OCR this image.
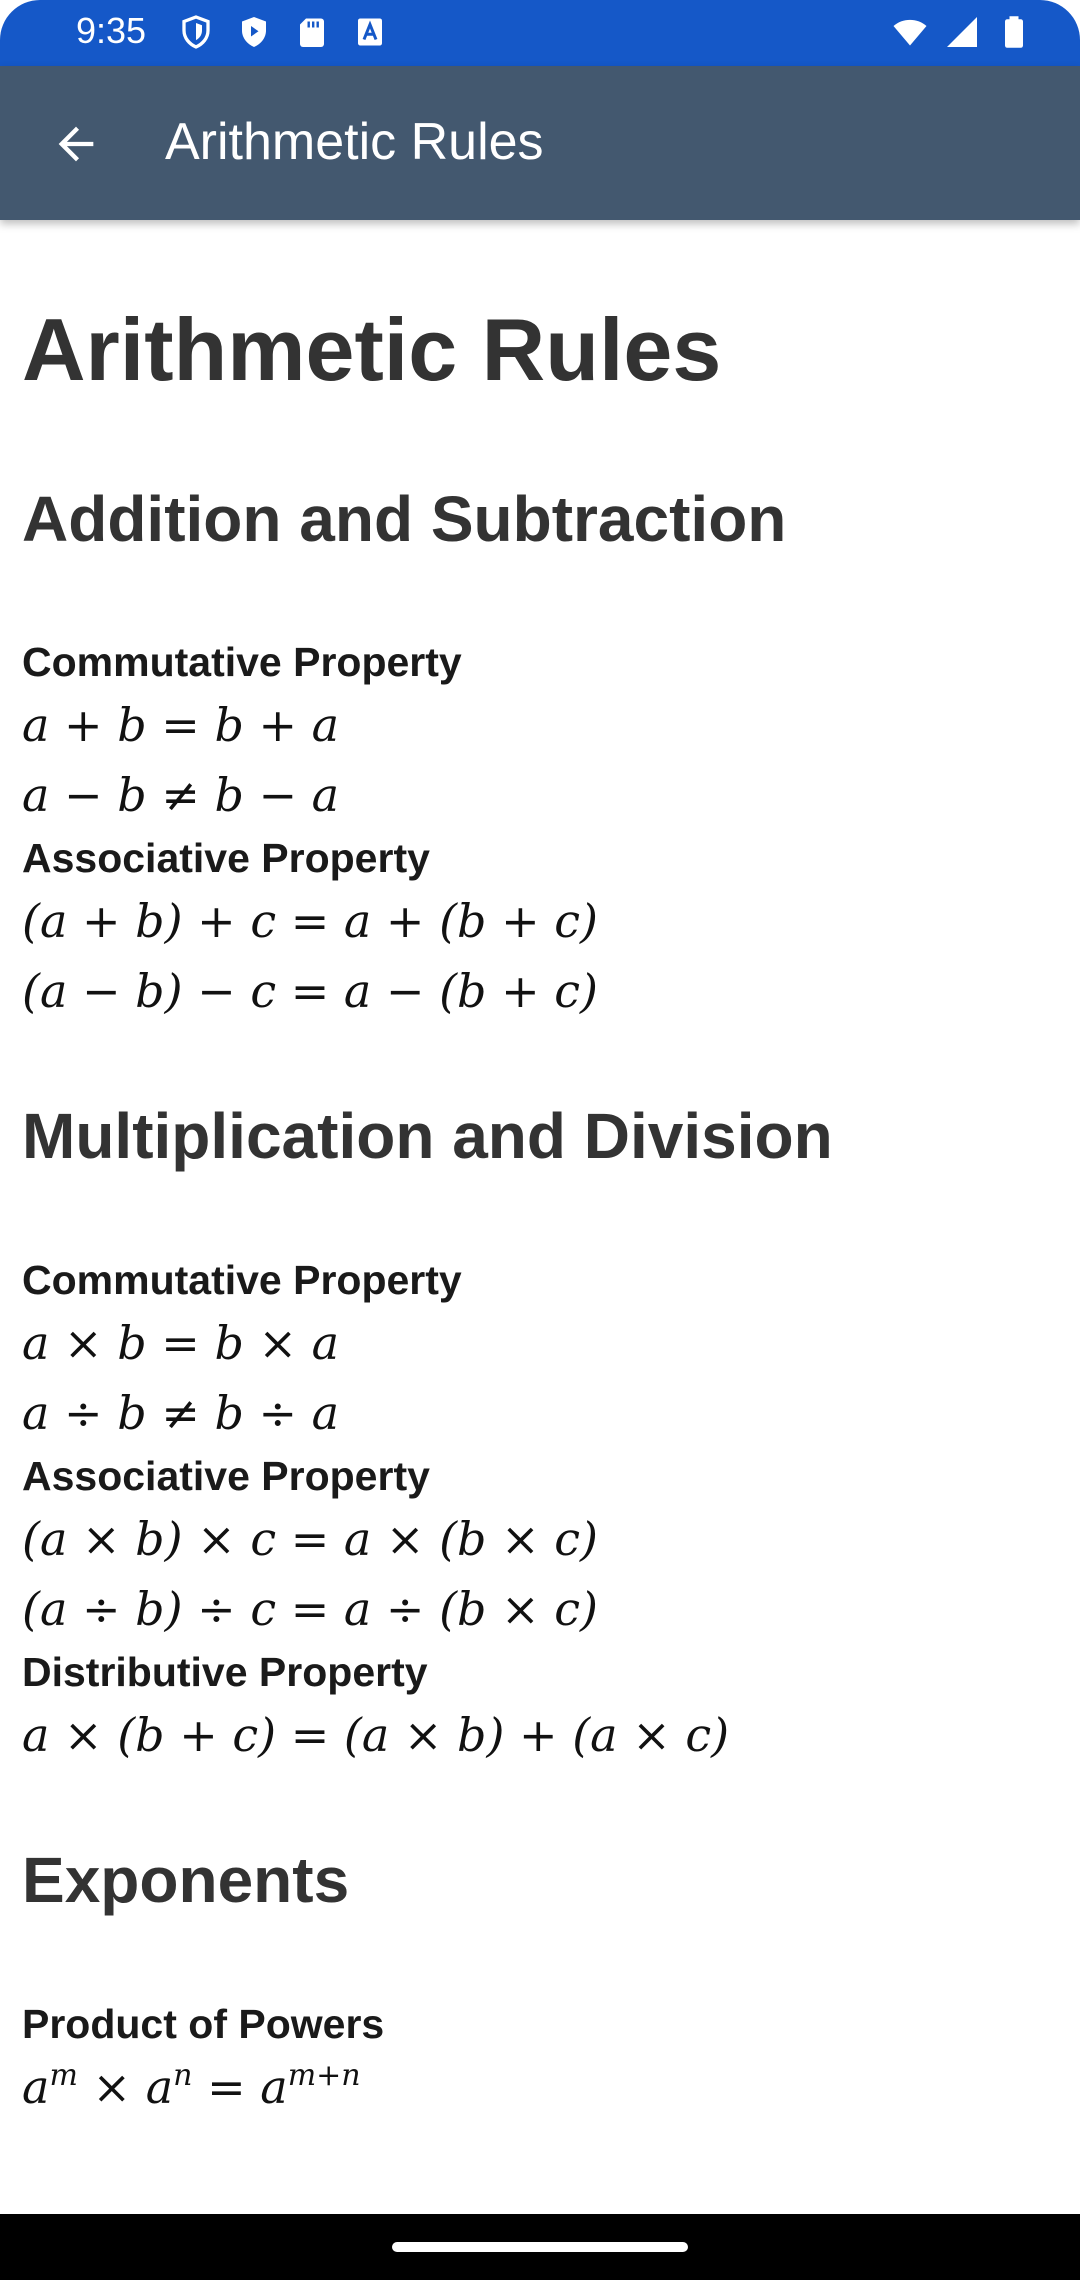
9:35
Arithmetic Rules
Arithmetic Rules
Addition and Subtraction

Commutative Property

a + b = b + a

a − b ≠ b − a

Associative Property

(a + b) + c = a + (b + c)

(a − b) − c = a − (b + c)

Multiplication and Division

Commutative Property

a × b = b × a

a ÷ b ≠ b ÷ a

Associative Property

(a × b) × c = a × (b × c)

(a ÷ b) ÷ c = a ÷ (b × c)

Distributive Property

a × (b + c) = (a × b) + (a × c)

Exponents

Product of Powers

$a^m \times a^n = a^{m+n}$
